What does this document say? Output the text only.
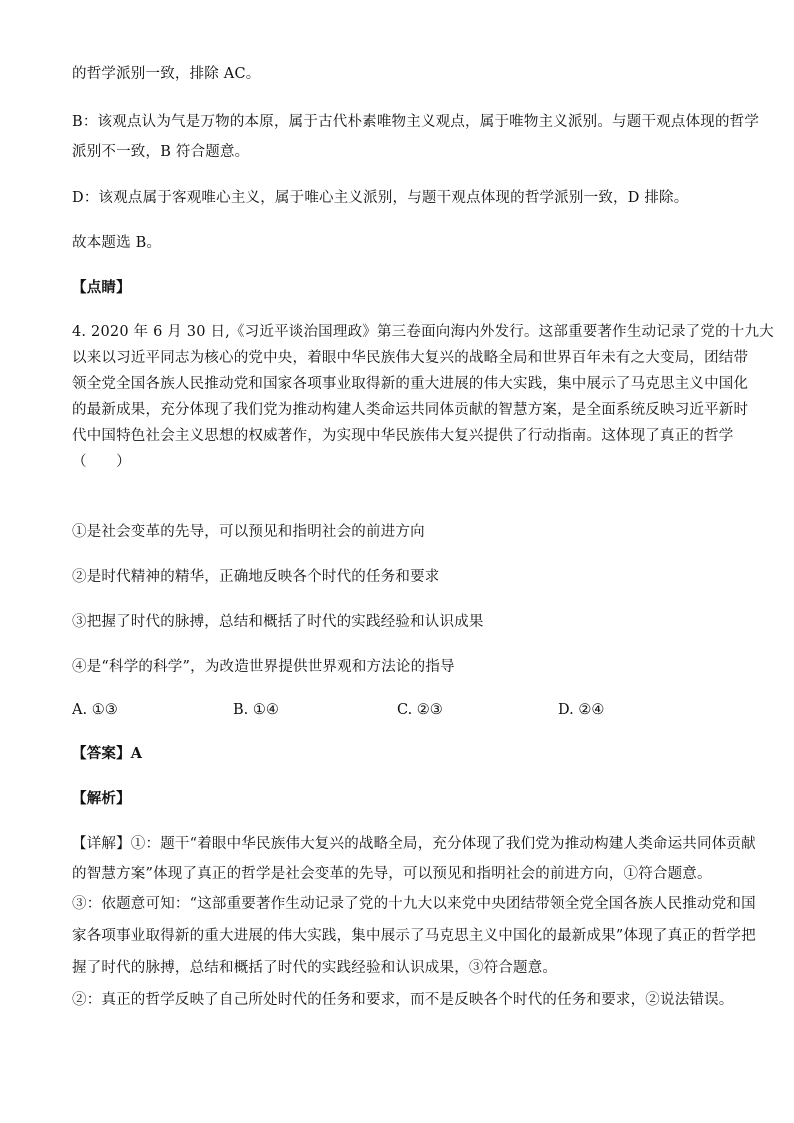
的哲学派别一致，排除 AC。
B：该观点认为气是万物的本原，属于古代朴素唯物主义观点，属于唯物主义派别。与题干观点体现的哲学
派别不一致，B 符合题意。
D：该观点属于客观唯心主义，属于唯心主义派别，与题干观点体现的哲学派别一致，D 排除。
故本题选 B。
【点睛】
4. 2020 年 6 月 30 日,《习近平谈治国理政》第三卷面向海内外发行。这部重要著作生动记录了党的十九大
以来以习近平同志为核心的党中央，着眼中华民族伟大复兴的战略全局和世界百年未有之大变局，团结带
领全党全国各族人民推动党和国家各项事业取得新的重大进展的伟大实践，集中展示了马克思主义中国化
的最新成果，充分体现了我们党为推动构建人类命运共同体贡献的智慧方案，是全面系统反映习近平新时
代中国特色社会主义思想的权威著作，为实现中华民族伟大复兴提供了行动指南。这体现了真正的哲学
（　　）
①是社会变革的先导，可以预见和指明社会的前进方向
②是时代精神的精华，正确地反映各个时代的任务和要求
③把握了时代的脉搏，总结和概括了时代的实践经验和认识成果
④是“科学的科学”，为改造世界提供世界观和方法论的指导
A. ①③	B. ①④	C. ②③	D. ②④
【答案】A
【解析】
【详解】①：题干“着眼中华民族伟大复兴的战略全局，充分体现了我们党为推动构建人类命运共同体贡献
的智慧方案”体现了真正的哲学是社会变革的先导，可以预见和指明社会的前进方向，①符合题意。
③：依题意可知：“这部重要著作生动记录了党的十九大以来党中央团结带领全党全国各族人民推动党和国
家各项事业取得新的重大进展的伟大实践，集中展示了马克思主义中国化的最新成果”体现了真正的哲学把
握了时代的脉搏，总结和概括了时代的实践经验和认识成果，③符合题意。
②：真正的哲学反映了自己所处时代的任务和要求，而不是反映各个时代的任务和要求，②说法错误。
